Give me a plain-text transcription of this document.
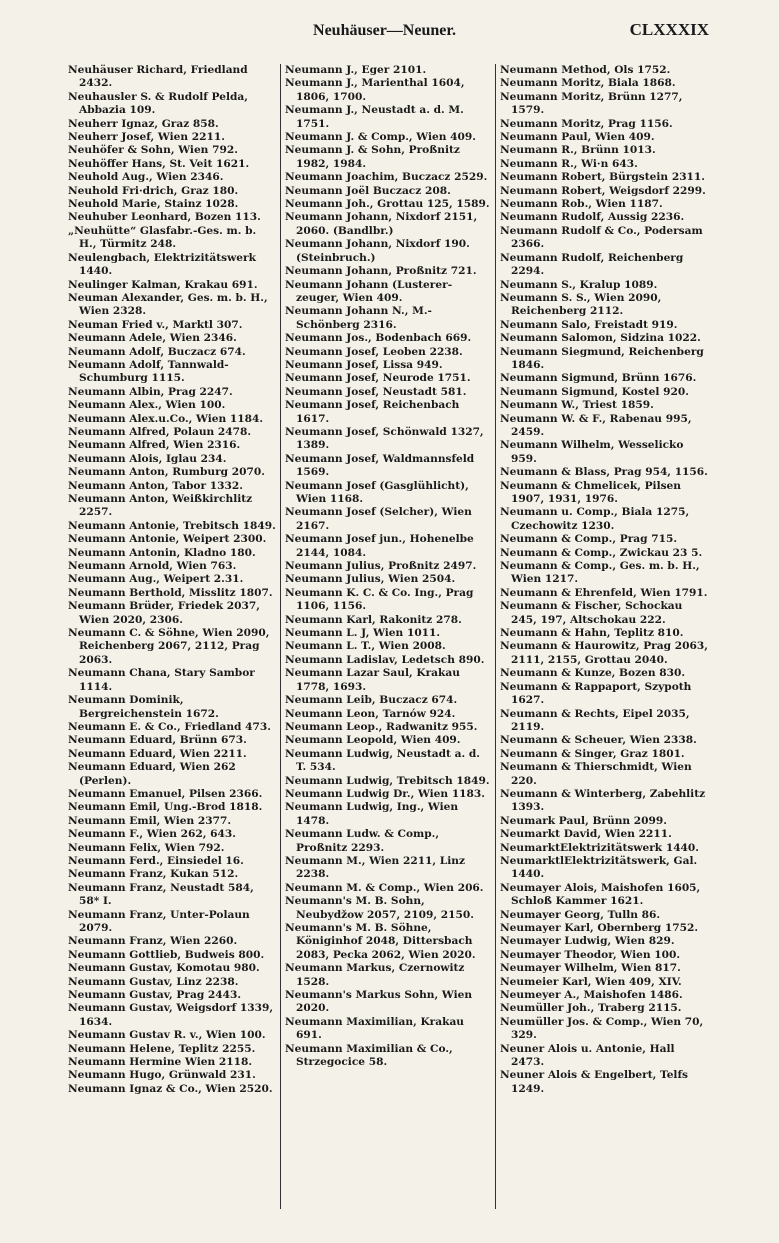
Neuhäuser—Neuner.	CLXXXIX

Neuhäuser Richard, Friedland 2432.

Neuhausler S. & Rudolf Pelda, Abbazia 109.

Neuherr Ignaz, Graz 858.

Neuherr Josef, Wien 2211.

Neuhöfer & Sohn, Wien 792.

Neuhöffer Hans, St. Veit 1621.

Neuhold Aug., Wien 2346.

Neuhold Fri·drich, Graz 180.

Neuhold Marie, Stainz 1028.

Neuhuber Leonhard, Bozen 113.

„Neuhütte“ Glasfabr.-Ges. m. b. H., Türmitz 248.

Neulengbach, Elektrizitätswerk 1440.

Neulinger Kalman, Krakau 691.

Neuman Alexander, Ges. m. b. H., Wien 2328.

Neuman Fried v., Marktl 307.

Neumann Adele, Wien 2346.

Neumann Adolf, Buczacz 674.

Neumann Adolf, Tannwald-Schumburg 1115.

Neumann Albin, Prag 2247.

Neumann Alex., Wien 100.

Neumann Alex.u.Co., Wien 1184.

Neumann Alfred, Polaun 2478.

Neumann Alfred, Wien 2316.

Neumann Alois, Iglau 234.

Neumann Anton, Rumburg 2070.

Neumann Anton, Tabor 1332.

Neumann Anton, Weißkirchlitz 2257.

Neumann Antonie, Trebitsch 1849.

Neumann Antonie, Weipert 2300.

Neumann Antonin, Kladno 180.

Neumann Arnold, Wien 763.

Neumann Aug., Weipert 2.31.

Neumann Berthold, Misslitz 1807.

Neumann Brüder, Friedek 2037, Wien 2020, 2306.

Neumann C. & Söhne, Wien 2090, Reichenberg 2067, 2112, Prag 2063.

Neumann Chana, Stary Sambor 1114.

Neumann Dominik, Bergreichenstein 1672.

Neumann E. & Co., Friedland 473.

Neumann Eduard, Brünn 673.

Neumann Eduard, Wien 2211.

Neumann Eduard, Wien 262 (Perlen).

Neumann Emanuel, Pilsen 2366.

Neumann Emil, Ung.-Brod 1818.

Neumann Emil, Wien 2377.

Neumann F., Wien 262, 643.

Neumann Felix, Wien 792.

Neumann Ferd., Einsiedel 16.

Neumann Franz, Kukan 512.

Neumann Franz, Neustadt 584, 58* I.

Neumann Franz, Unter-Polaun 2079.

Neumann Franz, Wien 2260.

Neumann Gottlieb, Budweis 800.

Neumann Gustav, Komotau 980.

Neumann Gustav, Linz 2238.

Neumann Gustav, Prag 2443.

Neumann Gustav, Weigsdorf 1339, 1634.

Neumann Gustav R. v., Wien 100.

Neumann Helene, Teplitz 2255.

Neumann Hermine Wien 2118.

Neumann Hugo, Grünwald 231.

Neumann Ignaz & Co., Wien 2520.

Neumann J., Eger 2101.

Neumann J., Marienthal 1604, 1806, 1700.

Neumann J., Neustadt a. d. M. 1751.

Neumann J. & Comp., Wien 409.

Neumann J. & Sohn, Proßnitz 1982, 1984.

Neumann Joachim, Buczacz 2529.

Neumann Joël Buczacz 208.

Neumann Joh., Grottau 125, 1589.

Neumann Johann, Nixdorf 2151, 2060. (Bandlbr.)

Neumann Johann, Nixdorf 190. (Steinbruch.)

Neumann Johann, Proßnitz 721.

Neumann Johann (Lusterer-zeuger, Wien 409.

Neumann Johann N., M.-Schönberg 2316.

Neumann Jos., Bodenbach 669.

Neumann Josef, Leoben 2238.

Neumann Josef, Lissa 949.

Neumann Josef, Neurode 1751.

Neumann Josef, Neustadt 581.

Neumann Josef, Reichenbach 1617.

Neumann Josef, Schönwald 1327, 1389.

Neumann Josef, Waldmannsfeld 1569.

Neumann Josef (Gasglühlicht), Wien 1168.

Neumann Josef (Selcher), Wien 2167.

Neumann Josef jun., Hohenelbe 2144, 1084.

Neumann Julius, Proßnitz 2497.

Neumann Julius, Wien 2504.

Neumann K. C. & Co. Ing., Prag 1106, 1156.

Neumann Karl, Rakonitz 278.

Neumann L. J, Wien 1011.

Neumann L. T., Wien 2008.

Neumann Ladislav, Ledetsch 890.

Neumann Lazar Saul, Krakau 1778, 1693.

Neumann Leib, Buczacz 674.

Neumann Leon, Tarnów 924.

Neumann Leop., Radwanitz 955.

Neumann Leopold, Wien 409.

Neumann Ludwig, Neustadt a. d. T. 534.

Neumann Ludwig, Trebitsch 1849.

Neumann Ludwig Dr., Wien 1183.

Neumann Ludwig, Ing., Wien 1478.

Neumann Ludw. & Comp., Proßnitz 2293.

Neumann M., Wien 2211, Linz 2238.

Neumann M. & Comp., Wien 206.

Neumann's M. B. Sohn, Neubydžow 2057, 2109, 2150.

Neumann's M. B. Söhne, Königinhof 2048, Dittersbach 2083, Pecka 2062, Wien 2020.

Neumann Markus, Czernowitz 1528.

Neumann's Markus Sohn, Wien 2020.

Neumann Maximilian, Krakau 691.

Neumann Maximilian & Co., Strzegocice 58.

Neumann Method, Ols 1752.

Neumann Moritz, Biala 1868.

Neumann Moritz, Brünn 1277, 1579.

Neumann Moritz, Prag 1156.

Neumann Paul, Wien 409.

Neumann R., Brünn 1013.

Neumann R., Wi·n 643.

Neumann Robert, Bürgstein 2311.

Neumann Robert, Weigsdorf 2299.

Neumann Rob., Wien 1187.

Neumann Rudolf, Aussig 2236.

Neumann Rudolf & Co., Podersam 2366.

Neumann Rudolf, Reichenberg 2294.

Neumann S., Kralup 1089.

Neumann S. S., Wien 2090, Reichenberg 2112.

Neumann Salo, Freistadt 919.

Neumann Salomon, Sidzina 1022.

Neumann Siegmund, Reichenberg 1846.

Neumann Sigmund, Brünn 1676.

Neumann Sigmund, Kostel 920.

Neumann W., Triest 1859.

Neumann W. & F., Rabenau 995, 2459.

Neumann Wilhelm, Wesselicko 959.

Neumann & Blass, Prag 954, 1156.

Neumann & Chmelicek, Pilsen 1907, 1931, 1976.

Neumann u. Comp., Biala 1275, Czechowitz 1230.

Neumann & Comp., Prag 715.

Neumann & Comp., Zwickau 23 5.

Neumann & Comp., Ges. m. b. H., Wien 1217.

Neumann & Ehrenfeld, Wien 1791.

Neumann & Fischer, Schockau 245, 197, Altschokau 222.

Neumann & Hahn, Teplitz 810.

Neumann & Haurowitz, Prag 2063, 2111, 2155, Grottau 2040.

Neumann & Kunze, Bozen 830.

Neumann & Rappaport, Szypoth 1627.

Neumann & Rechts, Eipel 2035, 2119.

Neumann & Scheuer, Wien 2338.

Neumann & Singer, Graz 1801.

Neumann & Thierschmidt, Wien 220.

Neumann & Winterberg, Zabehlitz 1393.

Neumark Paul, Brünn 2099.

Neumarkt David, Wien 2211.

NeumarktElektrizitätswerk 1440.

NeumarktlElektrizitätswerk, Gal. 1440.

Neumayer Alois, Maishofen 1605, Schloß Kammer 1621.

Neumayer Georg, Tulln 86.

Neumayer Karl, Obernberg 1752.

Neumayer Ludwig, Wien 829.

Neumayer Theodor, Wien 100.

Neumayer Wilhelm, Wien 817.

Neumeier Karl, Wien 409, XIV.

Neumeyer A., Maishofen 1486.

Neumüller Joh., Traberg 2115.

Neumüller Jos. & Comp., Wien 70, 329.

Neuner Alois u. Antonie, Hall 2473.

Neuner Alois & Engelbert, Telfs 1249.
